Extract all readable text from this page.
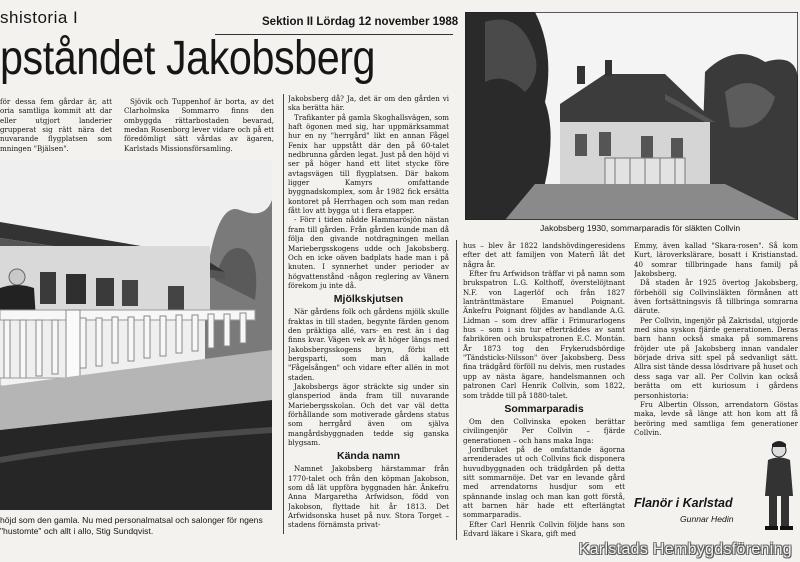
shistoria I	Sektion II Lördag 12 november 1988
pståndet Jakobsberg

för dessa fem gårdar är, att oria samtliga kommit att dar eller utgjort landerier grupperat sig rätt nära det nuvarande flygplatsen som mningen "Bjälsen".

Sjövik och Tuppenhof är borta, av det Clarholmska Sommarro finns den ombyggda rättarbostaden bevarad, medan Rosenborg lever vidare och på ett föredömligt sätt vårdas av ägaren, Karlstads Missionsförsamling.

höjd som den gamla. Nu med personalmatsal och salonger för ngens "hustomte" och allt i allo, Stig Sundqvist.

Jakobsberg då? Ja, det är om den gården vi ska berätta här.

Trafikanter på gamla Skoghallsvägen, som haft ögonen med sig, har uppmärksammat hur en ny "herrgård" likt en annan Fågel Fenix har uppstått där den på 60-talet nedbrunna gården legat. Just på den höjd vi ser på höger hand ett litet stycke före avtagsvägen till flygplatsen. Där bakom ligger Kamyrs omfattande byggnadskomplex, som år 1982 fick ersätta kontoret på Herrhagen och som man redan fått lov att bygga ut i flera etapper.

- Förr i tiden nådde Hammarösjön nästan fram till gården. Från gården kunde man då följa den givande notdragningen mellan Mariebergsskogens udde och Jakobsberg. Och en icke oäven badplats hade man i på knuten. I synnerhet under perioder av högvattenstånd -någon reglering av Vänern förekom ju inte då.

Mjölkskjutsen

När gårdens folk och gårdens mjölk skulle fraktas in till staden, begynte färden genom den präktiga allé, vars- en rest än i dag finns kvar. Vägen vek av åt höger längs med Jakobsbergsskogens bryn, förbi ett bergsparti, som man då kallade "Fågelsången" och vidare efter allén in mot staden.

Jakobsbergs ägor sträckte sig under sin glansperiod ända fram till nuvarande Mariebergsskolan. Och det var väl detta förhållande som motiverade gårdens status som herrgård även om själva mangårdsbyggnaden tedde sig ganska blygsam.

Kända namn

Namnet Jakobsberg härstammar från 1770-talet och från den köpman Jakobson, som då lät uppföra byggnaden här. Änkefru Anna Margaretha Arfwidson, född von Jakobson, flyttade hit år 1813. Det Arfwidsonska huset på nuv. Stora Torget – stadens förnämsta privat-

Jakobsberg 1930, sommarparadis för släkten Collvin

hus – blev år 1822 landshövdingeresidens efter det att familjen von Materñ låt det några år.

Efter fru Arfwidson träffar vi på namn som brukspatron L.G. Kolthoff, överstelöjtnant N.F. von Lagerlöf och från 1827 lantränttmästare Emanuel Poignant. Änkefru Poignant följdes av handlande A.G. Lidman – som drev affär i Frimurarlogens hus – som i sin tur efterträddes av samt fabrikören och brukspatronen E.C. Montán. År 1873 tog den Frykerudsbördige "Tändsticks-Nilsson" över Jakobsberg. Dess fina trädgård förföll nu delvis, men rustades upp av nästa ägare, handelsmannen och patronen Carl Henrik Collvin, som 1822, som trädde till på 1880-talet.

Sommarparadis

Om den Collvinska epoken berättar civilingenjör Per Collvin – fjärde generationen – och hans maka Inga:

Jordbruket på de omfattande ägorna arrenderades ut och Collvins fick disponera huvudbyggnaden och trädgården på detta sitt sommarnöje. Det var en levande gård med arrendatorns husdjur som ett spännande inslag och man kan gott förstå, att barnen här hade ett efterlängtat sommarparadis.

Efter Carl Henrik Collvin följde hans son Edvard läkare i Skara, gift med

Emmy, även kallad "Skara-rosen". Så kom Kurt, läroverkslärare, bosatt i Kristianstad. 40 somrar tillbringade hans familj på Jakobsberg.

Då staden år 1925 övertog Jakobsberg, förbehöll sig Collvinsläkten förmånen att även fortsättningsvis få tillbringa somrarna därute.

Per Collvin, ingenjör på Zakrisdal, utgjorde med sina syskon fjärde generationen. Deras barn hann också smaka på sommarens fröjder ute på Jakobsberg innan vandaler började driva sitt spel på sedvanligt sätt. Allra sist tände dessa lösdrivare på huset och dess saga var all. Per Collvin kan också berätta om ett kuriosum i gårdens personhistoria:

Fru Albertin Olsson, arrendatorn Göstas maka, levde så länge att hon kom att få beröring med samtliga fem generationer Collvin.

Flanör i Karlstad
Gunnar Hedin
Karlstads Hembygdsförening
